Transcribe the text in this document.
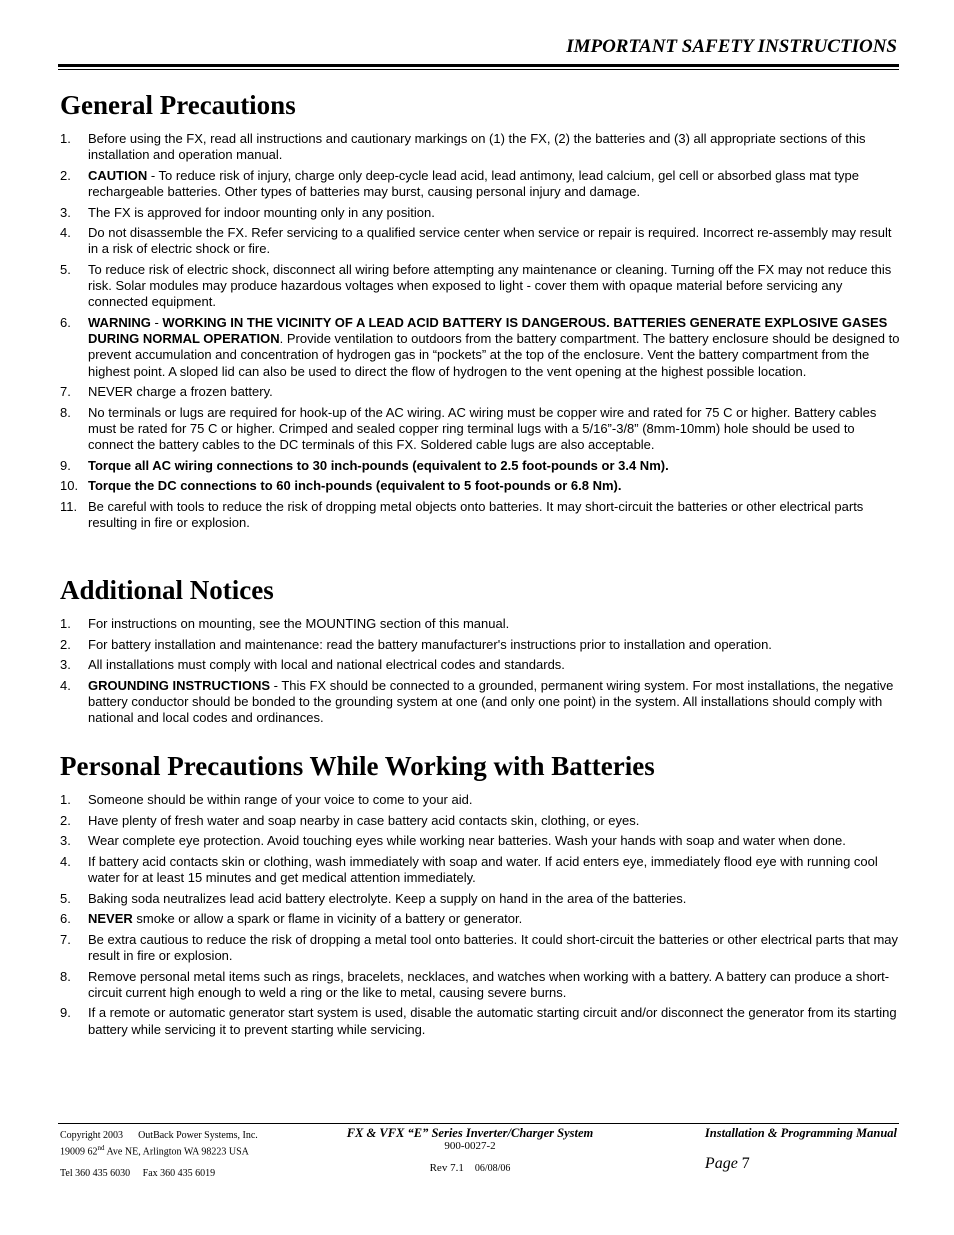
IMPORTANT SAFETY INSTRUCTIONS
General Precautions
1. Before using the FX, read all instructions and cautionary markings on (1) the FX, (2) the batteries and (3) all appropriate sections of this installation and operation manual.
2. CAUTION - To reduce risk of injury, charge only deep-cycle lead acid, lead antimony, lead calcium, gel cell or absorbed glass mat type rechargeable batteries. Other types of batteries may burst, causing personal injury and damage.
3. The FX is approved for indoor mounting only in any position.
4. Do not disassemble the FX. Refer servicing to a qualified service center when service or repair is required. Incorrect re-assembly may result in a risk of electric shock or fire.
5. To reduce risk of electric shock, disconnect all wiring before attempting any maintenance or cleaning. Turning off the FX may not reduce this risk. Solar modules may produce hazardous voltages when exposed to light - cover them with opaque material before servicing any connected equipment.
6. WARNING - WORKING IN THE VICINITY OF A LEAD ACID BATTERY IS DANGEROUS. BATTERIES GENERATE EXPLOSIVE GASES DURING NORMAL OPERATION. Provide ventilation to outdoors from the battery compartment. The battery enclosure should be designed to prevent accumulation and concentration of hydrogen gas in “pockets” at the top of the enclosure. Vent the battery compartment from the highest point. A sloped lid can also be used to direct the flow of hydrogen to the vent opening at the highest possible location.
7. NEVER charge a frozen battery.
8. No terminals or lugs are required for hook-up of the AC wiring. AC wiring must be copper wire and rated for 75 C or higher. Battery cables must be rated for 75 C or higher. Crimped and sealed copper ring terminal lugs with a 5/16”-3/8” (8mm-10mm) hole should be used to connect the battery cables to the DC terminals of this FX. Soldered cable lugs are also acceptable.
9. Torque all AC wiring connections to 30 inch-pounds (equivalent to 2.5 foot-pounds or 3.4 Nm).
10. Torque the DC connections to 60 inch-pounds (equivalent to 5 foot-pounds or 6.8 Nm).
11. Be careful with tools to reduce the risk of dropping metal objects onto batteries. It may short-circuit the batteries or other electrical parts resulting in fire or explosion.
Additional Notices
1. For instructions on mounting, see the MOUNTING section of this manual.
2. For battery installation and maintenance: read the battery manufacturer's instructions prior to installation and operation.
3. All installations must comply with local and national electrical codes and standards.
4. GROUNDING INSTRUCTIONS - This FX should be connected to a grounded, permanent wiring system. For most installations, the negative battery conductor should be bonded to the grounding system at one (and only one point) in the system. All installations should comply with national and local codes and ordinances.
Personal Precautions While Working with Batteries
1. Someone should be within range of your voice to come to your aid.
2. Have plenty of fresh water and soap nearby in case battery acid contacts skin, clothing, or eyes.
3. Wear complete eye protection. Avoid touching eyes while working near batteries. Wash your hands with soap and water when done.
4. If battery acid contacts skin or clothing, wash immediately with soap and water. If acid enters eye, immediately flood eye with running cool water for at least 15 minutes and get medical attention immediately.
5. Baking soda neutralizes lead acid battery electrolyte. Keep a supply on hand in the area of the batteries.
6. NEVER smoke or allow a spark or flame in vicinity of a battery or generator.
7. Be extra cautious to reduce the risk of dropping a metal tool onto batteries. It could short-circuit the batteries or other electrical parts that may result in fire or explosion.
8. Remove personal metal items such as rings, bracelets, necklaces, and watches when working with a battery. A battery can produce a short-circuit current high enough to weld a ring or the like to metal, causing severe burns.
9. If a remote or automatic generator start system is used, disable the automatic starting circuit and/or disconnect the generator from its starting battery while servicing it to prevent starting while servicing.
Copyright 2003 OutBack Power Systems, Inc.
19009 62nd Ave NE, Arlington WA 98223 USA
Tel 360 435 6030 Fax 360 435 6019
FX & VFX “E” Series Inverter/Charger System
900-0027-2
Rev 7.1 06/08/06
Installation & Programming Manual
Page 7
